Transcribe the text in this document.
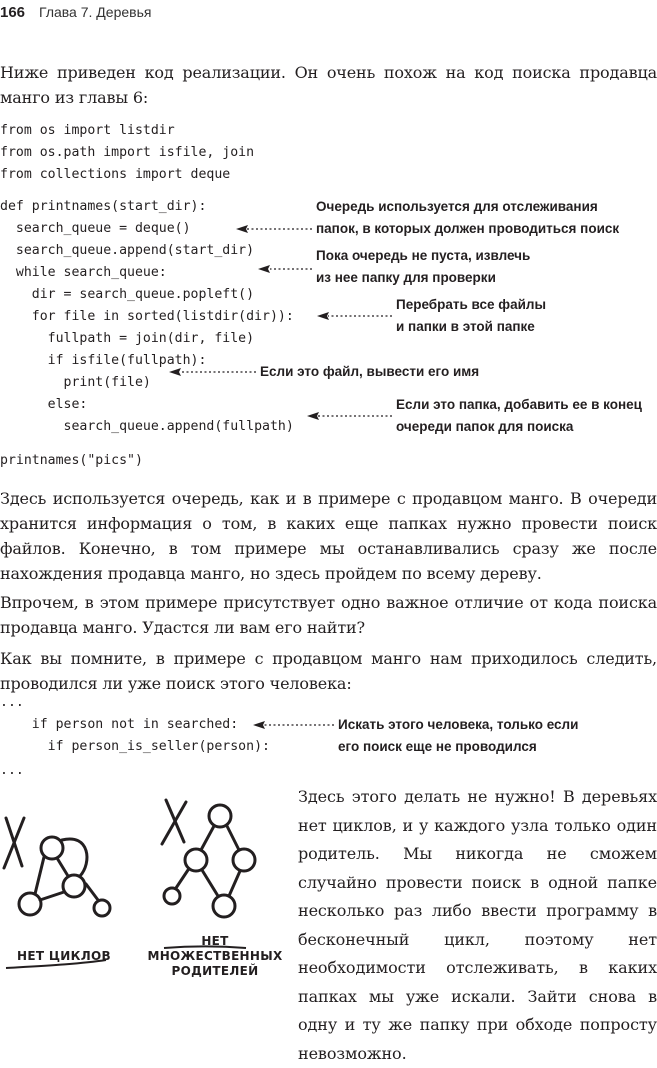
166 Глава 7. Деревья

Ниже приведен код реализации. Он очень похож на код поиска продавца манго из главы 6:

from os import listdir
from os.path import isfile, join
from collections import deque
def printnames(start_dir):
search_queue = deque()
search_queue.append(start_dir)
while search_queue:
dir = search_queue.popleft()
for file in sorted(listdir(dir)):
fullpath = join(dir, file)
if isfile(fullpath):
print(file)
else:
search_queue.append(fullpath)
printnames("pics")
Очередь используется для отслеживания
папок, в которых должен проводиться поиск
Пока очередь не пуста, извлечь
из нее папку для проверки
Перебрать все файлы
и папки в этой папке
Если это файл, вывести его имя
Если это папка, добавить ее в конец
очереди папок для поиска

Здесь используется очередь, как и в примере с продавцом манго. В очереди хранится информация о том, в каких еще папках нужно провести поиск файлов. Конечно, в том примере мы останавливались сразу же после нахождения продавца манго, но здесь пройдем по всему дереву.

Впрочем, в этом примере присутствует одно важное отличие от кода поиска продавца манго. Удастся ли вам его найти?

Как вы помните, в примере с продавцом манго нам приходилось следить, проводился ли уже поиск этого человека:

...
if person not in searched:
if person_is_seller(person):
...
Искать этого человека, только если
его поиск еще не проводился
НЕТ ЦИКЛОВ
НЕТ
МНОЖЕСТВЕННЫХ
РОДИТЕЛЕЙ

Здесь этого делать не нужно! В деревьях нет циклов, и у каждого узла только один родитель. Мы никогда не сможем случайно провести поиск в одной папке несколько раз либо ввести программу в бесконечный цикл, поэтому нет необходимости отслеживать, в каких папках мы уже искали. Зайти снова в одну и ту же папку при обходе попросту невозможно.
